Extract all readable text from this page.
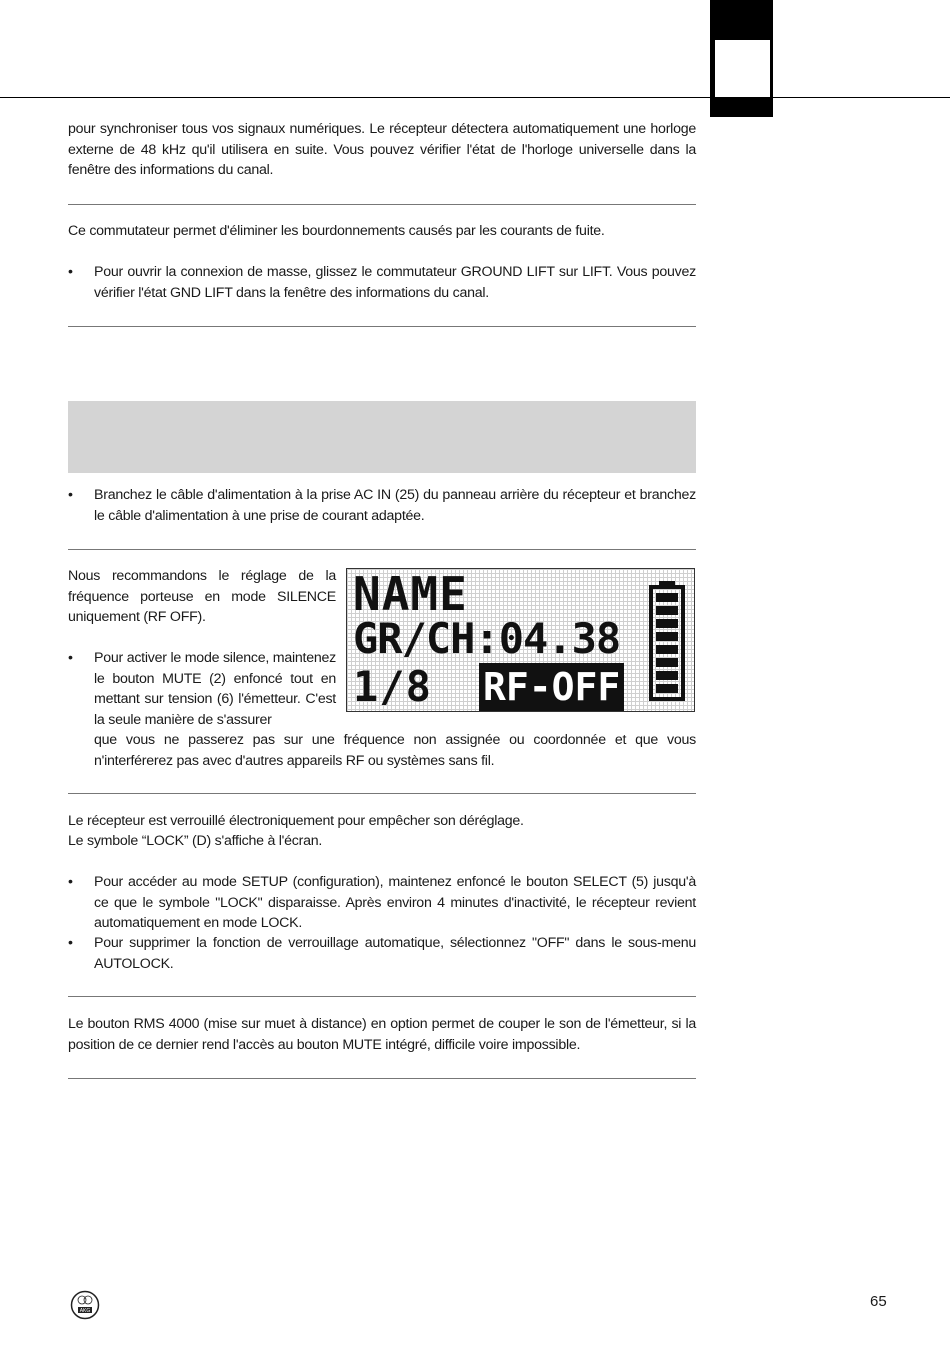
pour synchroniser tous vos signaux numériques. Le récepteur détectera automatiquement une horloge externe de 48 kHz qu'il utilisera en suite. Vous pouvez vérifier l'état de l'horloge universelle dans la fenêtre des informations du canal.

Ce commutateur permet d'éliminer les bourdonnements causés par les courants de fuite.

• Pour ouvrir la connexion de masse, glissez le commutateur GROUND LIFT sur LIFT. Vous pouvez vérifier l'état GND LIFT dans la fenêtre des informations du canal.
• Branchez le câble d'alimentation à la prise AC IN (25) du panneau arrière du récepteur et branchez le câble d'alimentation à une prise de courant adaptée.

Nous recommandons le réglage de la fréquence porteuse en mode SILENCE uniquement (RF OFF).

• Pour activer le mode silence, maintenez le bouton MUTE (2) enfoncé tout en mettant sur tension (6) l'émetteur. C'est la seule manière de s'assurer

que vous ne passerez pas sur une fréquence non assignée ou coordonnée et que vous n'interférerez pas avec d'autres appareils RF ou systèmes sans fil.

NAME
GR/CH:04.38
1/8 RF-OFF

Le récepteur est verrouillé électroniquement pour empêcher son déréglage.

Le symbole “LOCK” (D) s'affiche à l'écran.

• Pour accéder au mode SETUP (configuration), maintenez enfoncé le bouton SELECT (5) jusqu'à ce que le symbole "LOCK" disparaisse. Après environ 4 minutes d'inactivité, le récepteur revient automatiquement en mode LOCK.
• Pour supprimer la fonction de verrouillage automatique, sélectionnez "OFF" dans le sous-menu AUTOLOCK.

Le bouton RMS 4000 (mise sur muet à distance) en option permet de couper le son de l'émetteur, si la position de ce dernier rend l'accès au bouton MUTE intégré, difficile voire impossible.

AKG
65
